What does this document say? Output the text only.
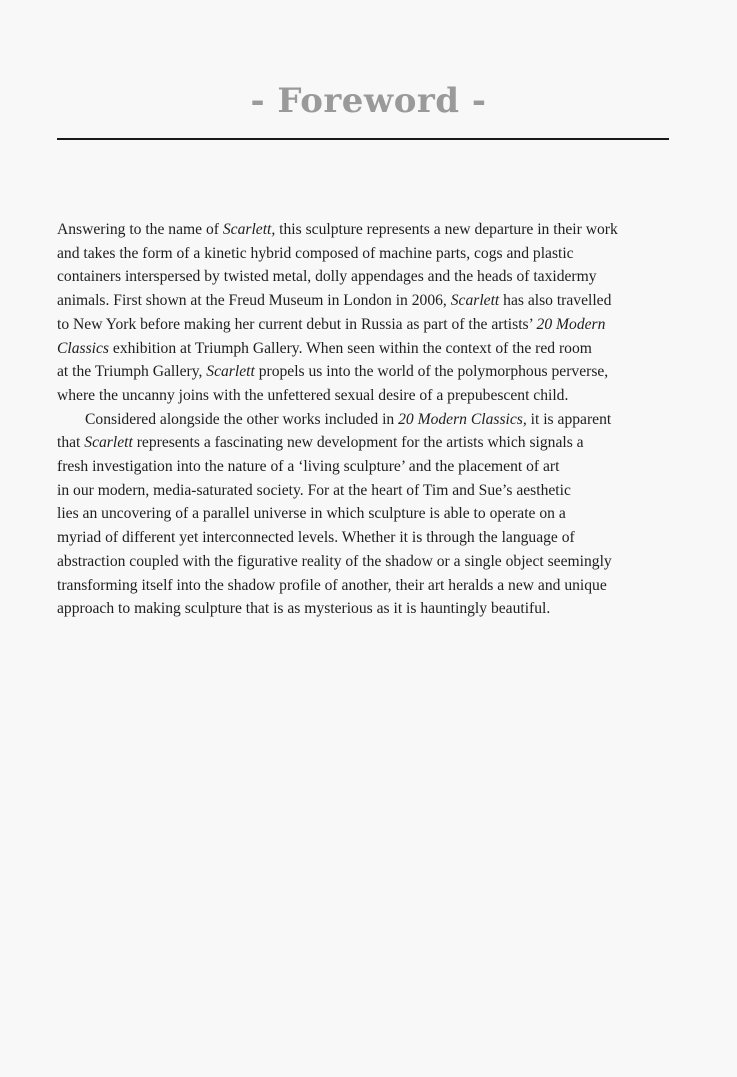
- Foreword -
Answering to the name of Scarlett, this sculpture represents a new departure in their work
and takes the form of a kinetic hybrid composed of machine parts, cogs and plastic
containers interspersed by twisted metal, dolly appendages and the heads of taxidermy
animals. First shown at the Freud Museum in London in 2006, Scarlett has also travelled
to New York before making her current debut in Russia as part of the artists’ 20 Modern
Classics exhibition at Triumph Gallery. When seen within the context of the red room
at the Triumph Gallery, Scarlett propels us into the world of the polymorphous perverse,
where the uncanny joins with the unfettered sexual desire of a prepubescent child.
Considered alongside the other works included in 20 Modern Classics, it is apparent
that Scarlett represents a fascinating new development for the artists which signals a
fresh investigation into the nature of a ‘living sculpture’ and the placement of art
in our modern, media-saturated society. For at the heart of Tim and Sue’s aesthetic
lies an uncovering of a parallel universe in which sculpture is able to operate on a
myriad of different yet interconnected levels. Whether it is through the language of
abstraction coupled with the figurative reality of the shadow or a single object seemingly
transforming itself into the shadow profile of another, their art heralds a new and unique
approach to making sculpture that is as mysterious as it is hauntingly beautiful.
